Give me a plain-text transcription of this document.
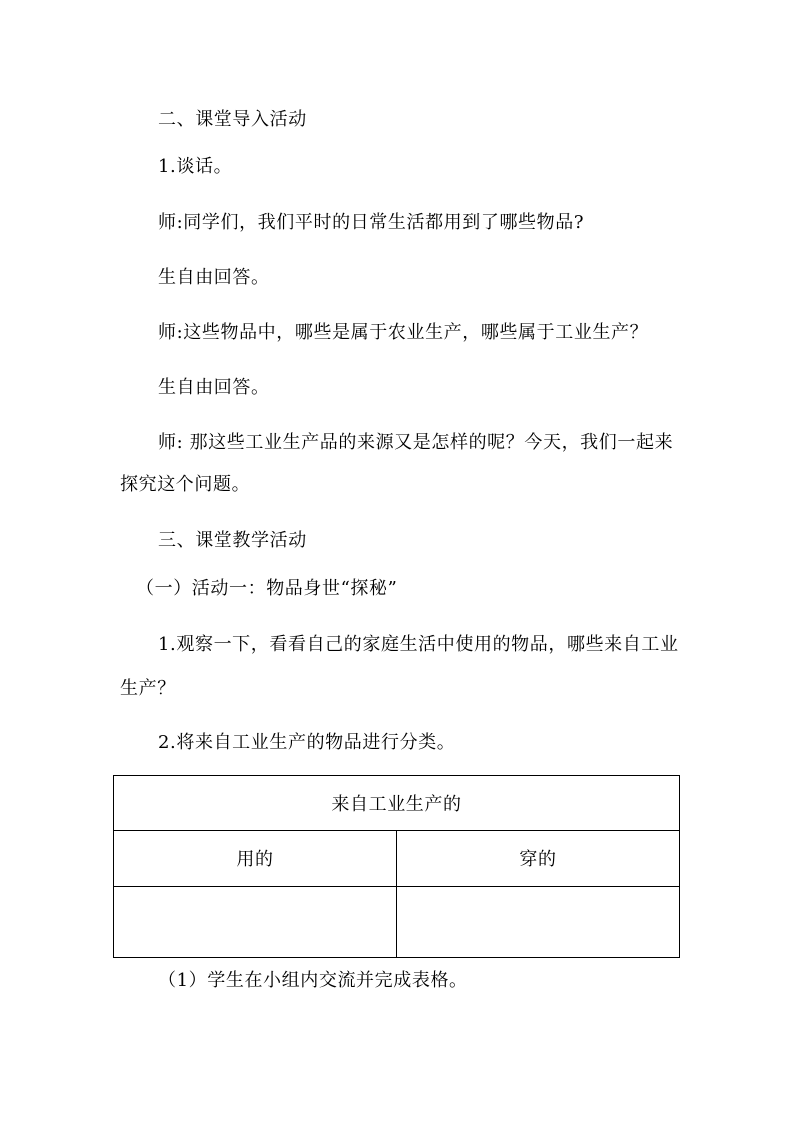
二、课堂导入活动
1.谈话。
师:同学们，我们平时的日常生活都用到了哪些物品?
生自由回答。
师:这些物品中，哪些是属于农业生产，哪些属于工业生产？
生自由回答。
师: 那这些工业生产品的来源又是怎样的呢？今天，我们一起来
探究这个问题。
三、课堂教学活动
（一）活动一：物品身世“探秘”
1.观察一下，看看自己的家庭生活中使用的物品，哪些来自工业
生产？
2.将来自工业生产的物品进行分类。
来自工业生产的
用的	穿的
（1）学生在小组内交流并完成表格。
